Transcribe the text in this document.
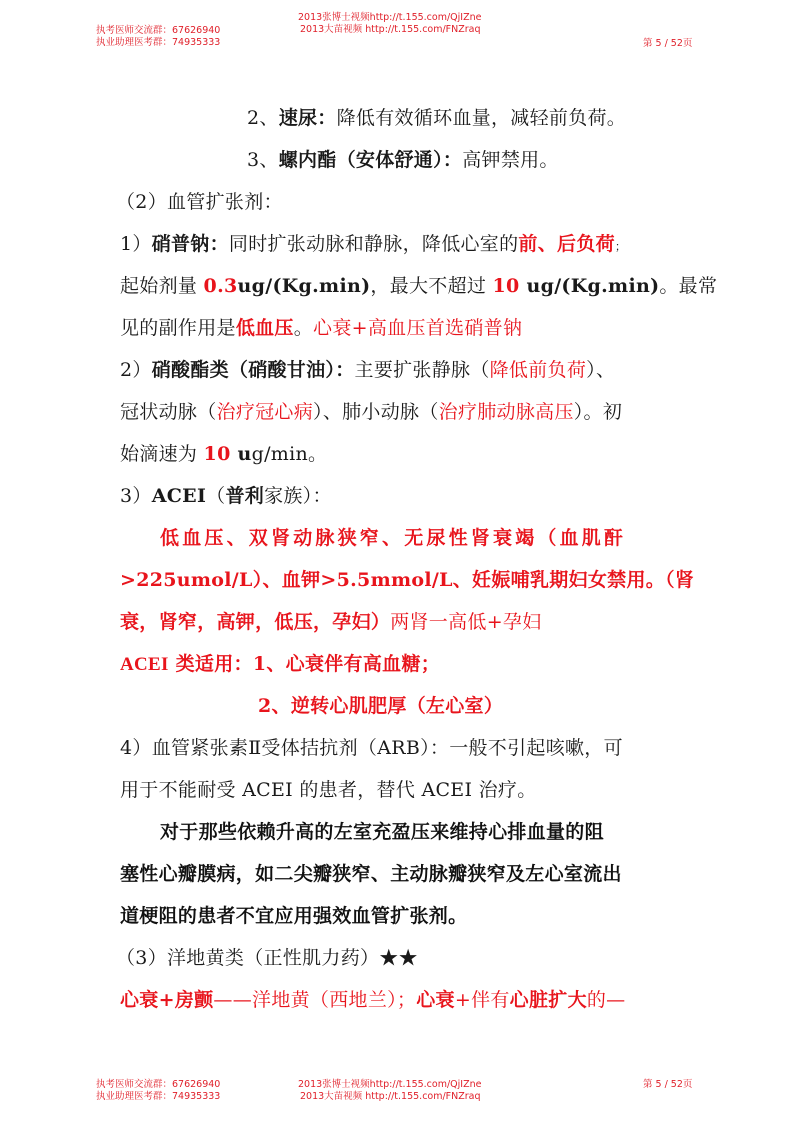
执考医师交流群：67626940
执业助理医考群：74935333
2013张博士视频http://t.155.com/QjIZne
2013大苗视频 http://t.155.com/FNZraq
第 5 / 52页
2、速尿：降低有效循环血量，减轻前负荷。
3、螺内酯（安体舒通）：高钾禁用。
（2）血管扩张剂：
1）硝普钠：同时扩张动脉和静脉，降低心室的前、后负荷；
起始剂量 0.3ug/(Kg.min)，最大不超过 10 ug/(Kg.min)。最常
见的副作用是低血压。心衰+高血压首选硝普钠
2）硝酸酯类（硝酸甘油）：主要扩张静脉（降低前负荷）、
冠状动脉（治疗冠心病）、肺小动脉（治疗肺动脉高压）。初
始滴速为 10 ug/min。
3）ACEI（普利家族）：
低血压、双肾动脉狭窄、无尿性肾衰竭（血肌酐
>225umol/L）、血钾>5.5mmol/L、妊娠哺乳期妇女禁用。（肾
衰，肾窄，高钾，低压，孕妇）两肾一高低+孕妇
ACEI 类适用：1、心衰伴有高血糖；
2、逆转心肌肥厚（左心室）
4）血管紧张素Ⅱ受体拮抗剂（ARB）：一般不引起咳嗽，可
用于不能耐受 ACEI 的患者，替代 ACEI 治疗。
对于那些依赖升高的左室充盈压来维持心排血量的阻
塞性心瓣膜病，如二尖瓣狭窄、主动脉瓣狭窄及左心室流出
道梗阻的患者不宜应用强效血管扩张剂。
（3）洋地黄类（正性肌力药）★★
心衰+房颤——洋地黄（西地兰）；心衰+伴有心脏扩大的—
执考医师交流群：67626940
执业助理医考群：74935333
2013张博士视频http://t.155.com/QjIZne
2013大苗视频 http://t.155.com/FNZraq
第 5 / 52页
